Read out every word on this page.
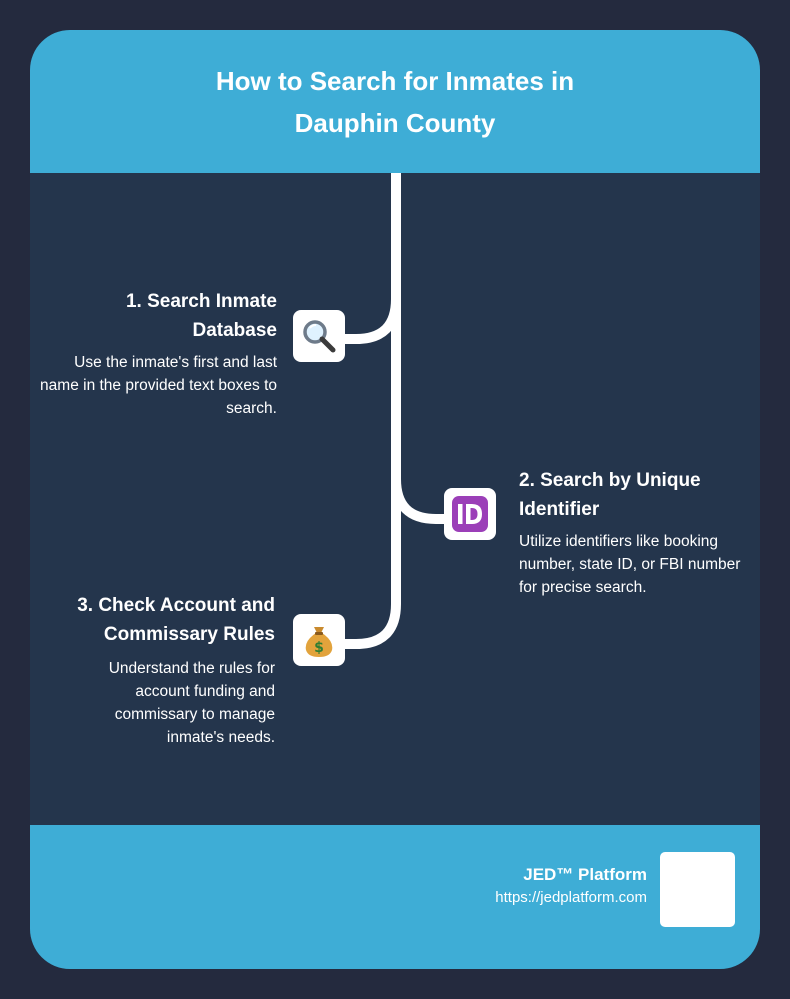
How to Search for Inmates in Dauphin County
1. Search Inmate Database
Use the inmate's first and last name in the provided text boxes to search.
2. Search by Unique Identifier
Utilize identifiers like booking number, state ID, or FBI number for precise search.
$
3. Check Account and Commissary Rules
Understand the rules for account funding and commissary to manage inmate's needs.
JED™ Platform
https://jedplatform.com
